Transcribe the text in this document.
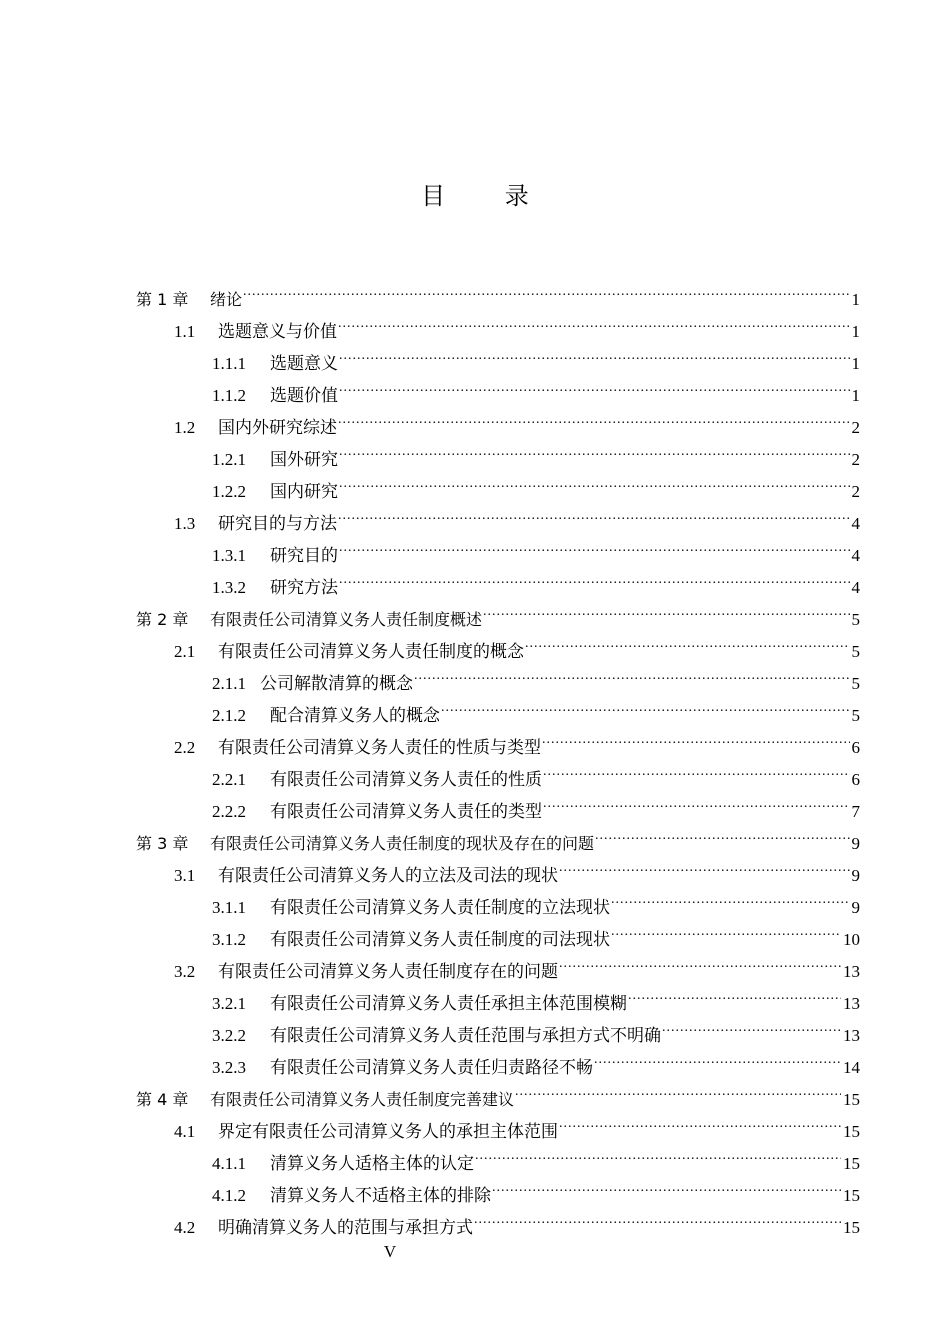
目 录
第 1 章	绪论 .....	1
1.1	选题意义与价值 .....	1
1.1.1	选题意义 .....	1
1.1.2	选题价值 .....	1
1.2	国内外研究综述 .....	2
1.2.1	国外研究 .....	2
1.2.2	国内研究 .....	2
1.3	研究目的与方法 .....	4
1.3.1	研究目的 .....	4
1.3.2	研究方法 .....	4
第 2 章	有限责任公司清算义务人责任制度概述 .....	5
2.1	有限责任公司清算义务人责任制度的概念 .....	5
2.1.1 公司解散清算的概念 .....	5
2.1.2	配合清算义务人的概念 .....	5
2.2	有限责任公司清算义务人责任的性质与类型 .....	6
2.2.1	有限责任公司清算义务人责任的性质 .....	6
2.2.2	有限责任公司清算义务人责任的类型 .....	7
第 3 章	有限责任公司清算义务人责任制度的现状及存在的问题 .....	9
3.1	有限责任公司清算义务人的立法及司法的现状 .....	9
3.1.1	有限责任公司清算义务人责任制度的立法现状 .....	9
3.1.2	有限责任公司清算义务人责任制度的司法现状 .....	10
3.2	有限责任公司清算义务人责任制度存在的问题 .....	13
3.2.1	有限责任公司清算义务人责任承担主体范围模糊 .....	13
3.2.2	有限责任公司清算义务人责任范围与承担方式不明确 .....	13
3.2.3	有限责任公司清算义务人责任归责路径不畅 .....	14
第 4 章	有限责任公司清算义务人责任制度完善建议 .....	15
4.1	界定有限责任公司清算义务人的承担主体范围 .....	15
4.1.1	清算义务人适格主体的认定 .....	15
4.1.2	清算义务人不适格主体的排除 .....	15
4.2	明确清算义务人的范围与承担方式 .....	15
V
